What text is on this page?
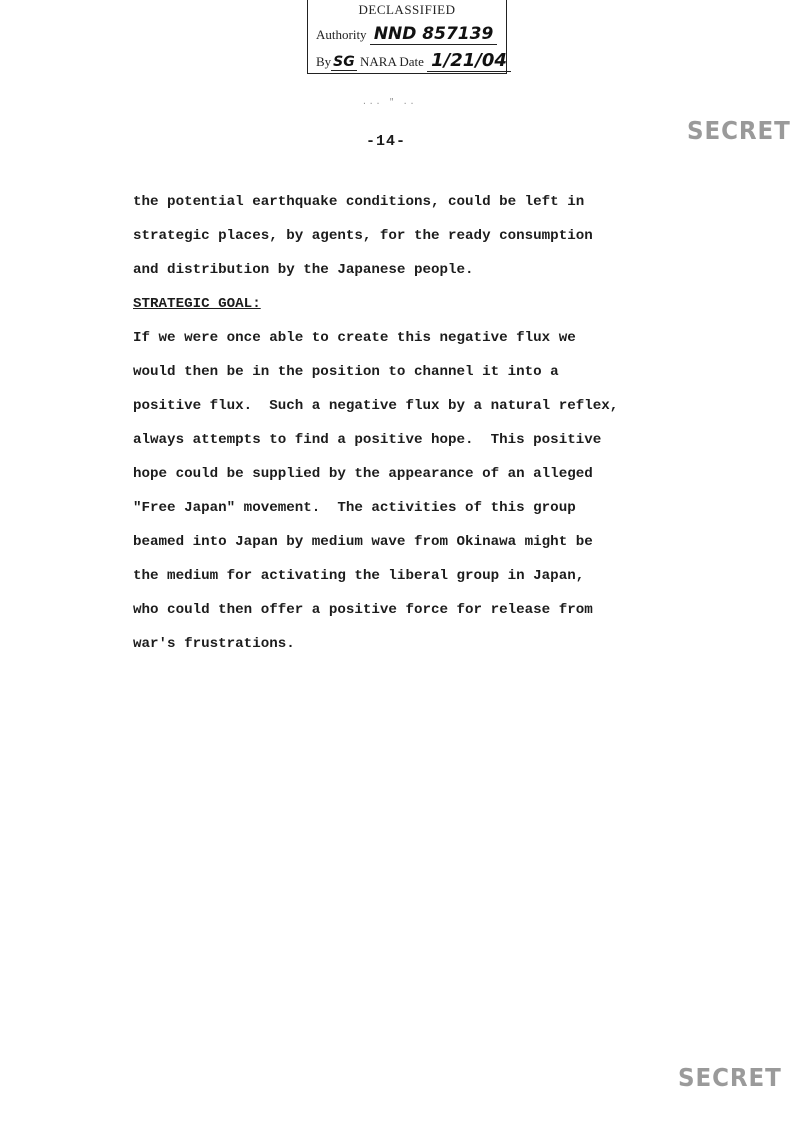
DECLASSIFIED
Authority NND 857139
By SG NARA Date 1/21/04
... " ..
-14-	SECRET
the potential earthquake conditions, could be left in
strategic places, by agents, for the ready consumption
and distribution by the Japanese people.
STRATEGIC GOAL:
If we were once able to create this negative flux we
would then be in the position to channel it into a
positive flux.  Such a negative flux by a natural reflex,
always attempts to find a positive hope.  This positive
hope could be supplied by the appearance of an alleged
"Free Japan" movement.  The activities of this group
beamed into Japan by medium wave from Okinawa might be
the medium for activating the liberal group in Japan,
who could then offer a positive force for release from
war's frustrations.
SECRET
